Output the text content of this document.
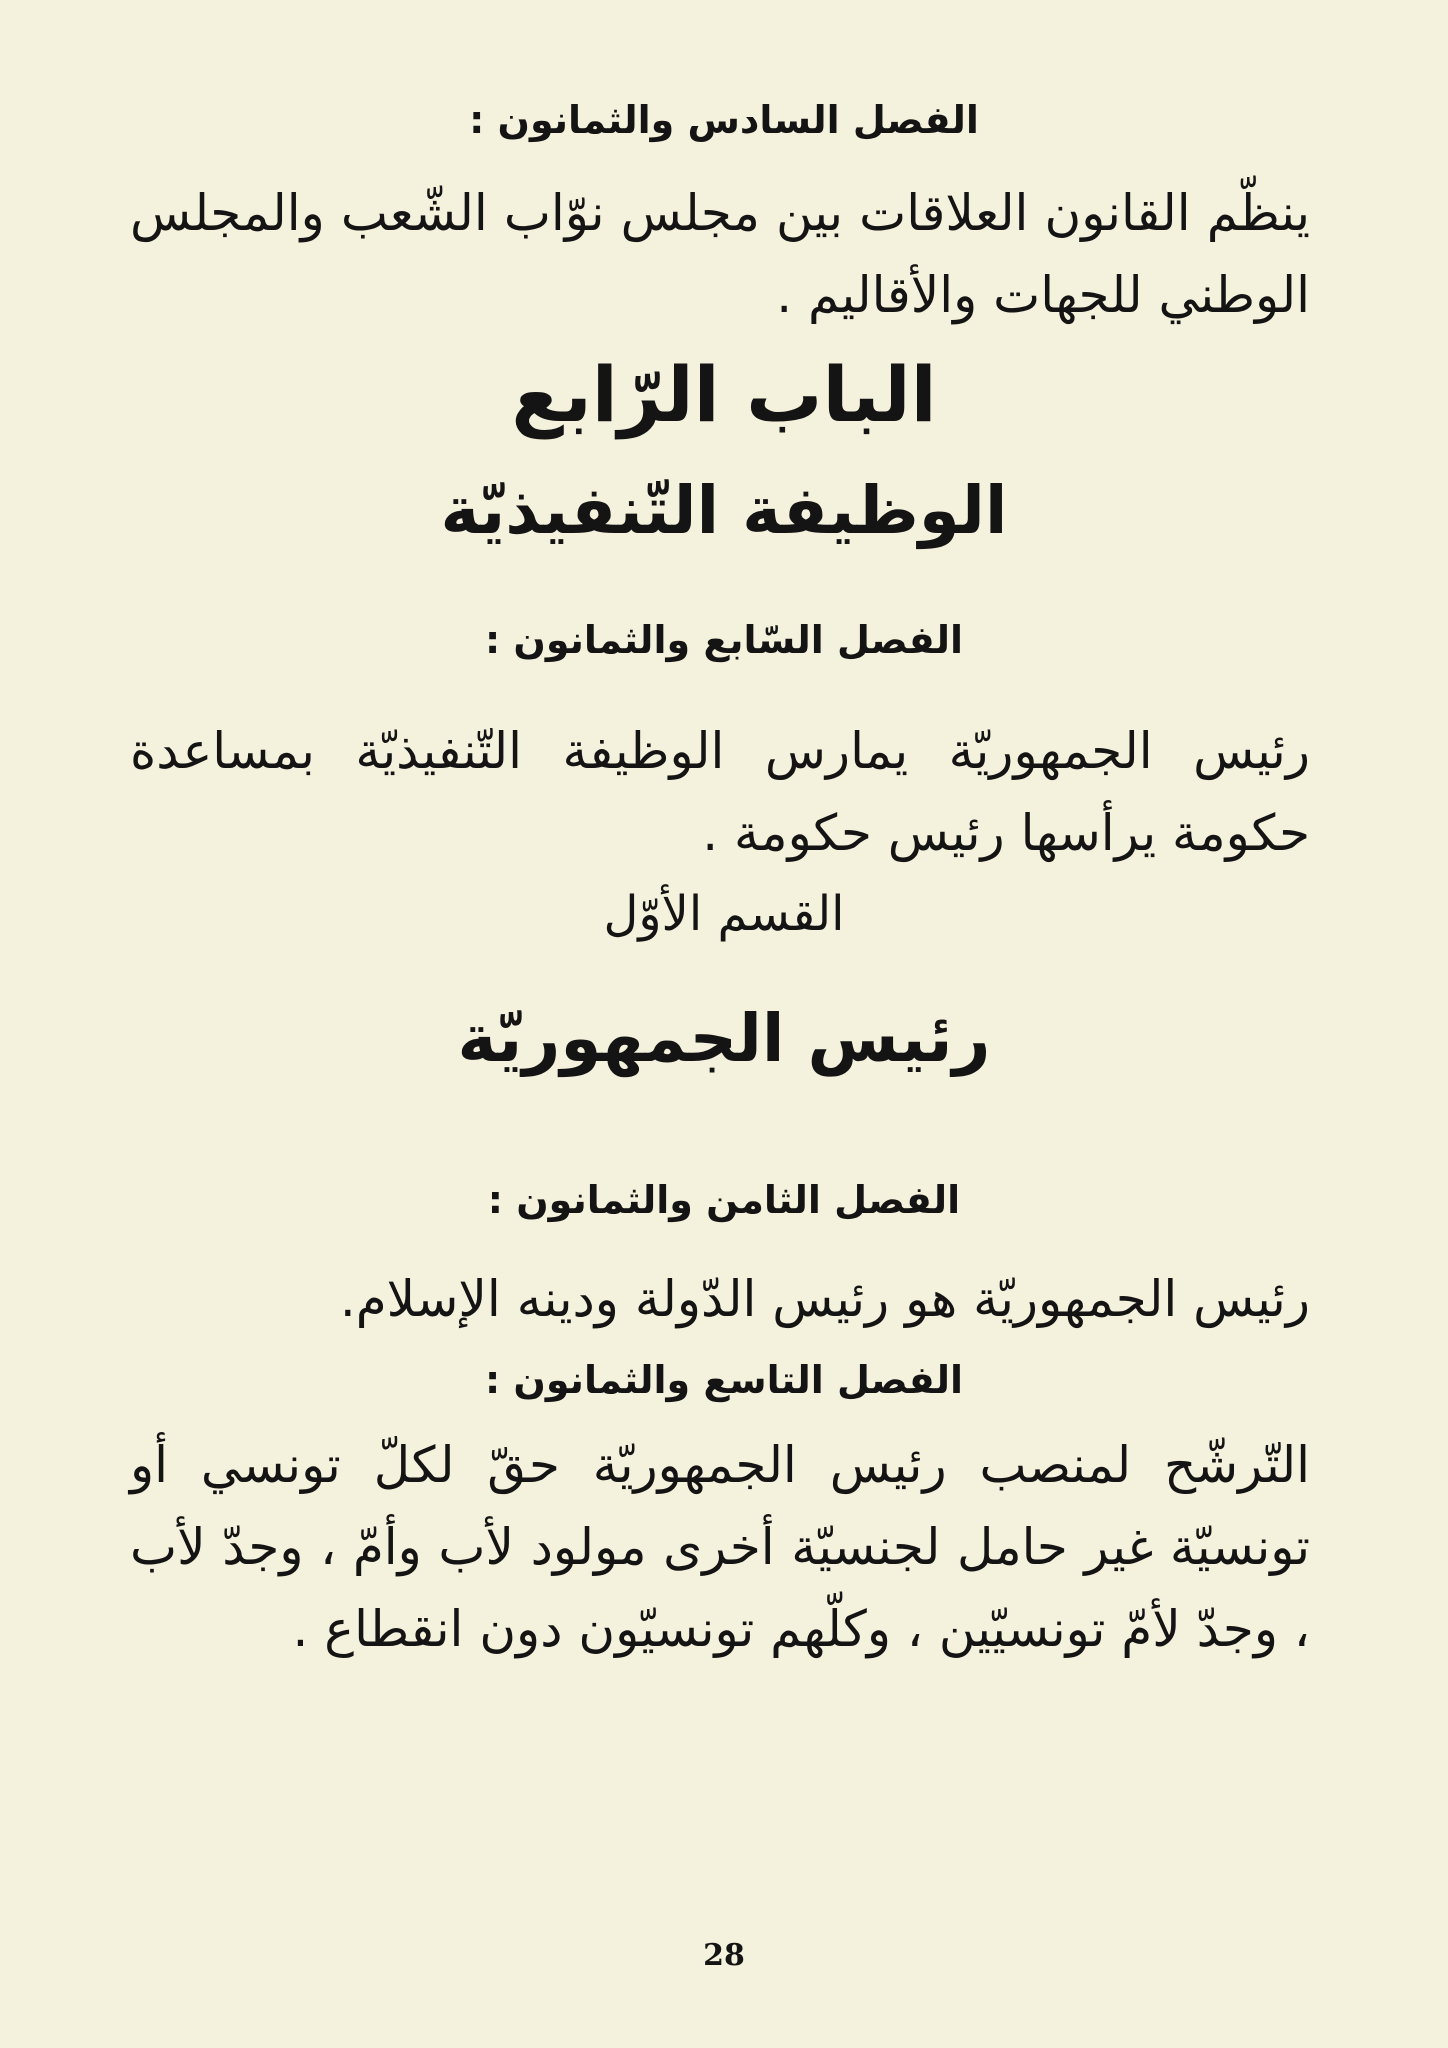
الفصل السادس والثمانون :
ينظّم القانون العلاقات بين مجلس نوّاب الشّعب والمجلس الوطني للجهات والأقاليم .
الباب الرّابع
الوظيفة التّنفيذيّة
الفصل السّابع والثمانون :
رئيس الجمهوريّة يمارس الوظيفة التّنفيذيّة بمساعدة حكومة يرأسها رئيس حكومة .
القسم الأوّل
رئيس الجمهوريّة
الفصل الثامن والثمانون :
رئيس الجمهوريّة هو رئيس الدّولة ودينه الإسلام.
الفصل التاسع والثمانون :
التّرشّح لمنصب رئيس الجمهوريّة حقّ لكلّ تونسي أو تونسيّة غير حامل لجنسيّة أخرى مولود لأب وأمّ ، وجدّ لأب ، وجدّ لأمّ تونسيّين ، وكلّهم تونسيّون دون انقطاع .
28
